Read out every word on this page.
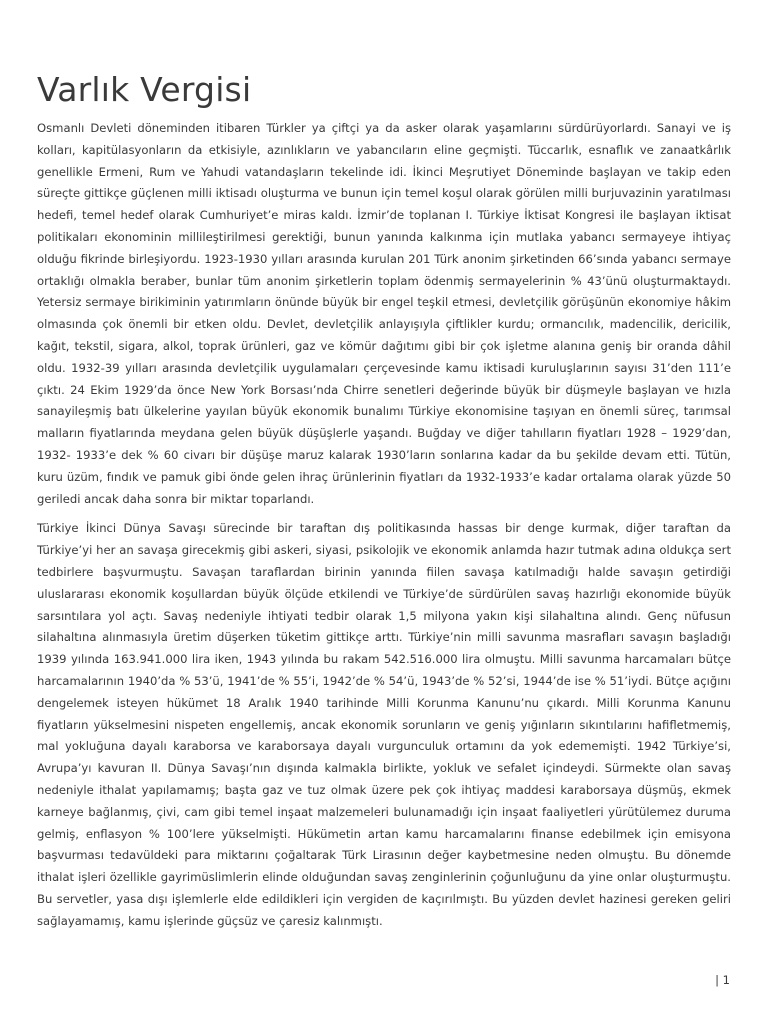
Varlık Vergisi

Osmanlı Devleti döneminden itibaren Türkler ya çiftçi ya da asker olarak yaşamlarını sürdürüyorlardı. Sanayi ve iş kolları, kapitülasyonların da etkisiyle, azınlıkların ve yabancıların eline geçmişti. Tüccarlık, esnaflık ve zanaatkârlık genellikle Ermeni, Rum ve Yahudi vatandaşların tekelinde idi. İkinci Meşrutiyet Döneminde başlayan ve takip eden süreçte gittikçe güçlenen milli iktisadı oluşturma ve bunun için temel koşul olarak görülen milli burjuvazinin yaratılması hedefi, temel hedef olarak Cumhuriyet’e miras kaldı. İzmir’de toplanan I. Türkiye İktisat Kongresi ile başlayan iktisat politikaları ekonominin millileştirilmesi gerektiği, bunun yanında kalkınma için mutlaka yabancı sermayeye ihtiyaç olduğu fikrinde birleşiyordu. 1923-1930 yılları arasında kurulan 201 Türk anonim şirketinden 66’sında yabancı sermaye ortaklığı olmakla beraber, bunlar tüm anonim şirketlerin toplam ödenmiş sermayelerinin % 43’ünü oluşturmaktaydı. Yetersiz sermaye birikiminin yatırımların önünde büyük bir engel teşkil etmesi, devletçilik görüşünün ekonomiye hâkim olmasında çok önemli bir etken oldu. Devlet, devletçilik anlayışıyla çiftlikler kurdu; ormancılık, madencilik, dericilik, kağıt, tekstil, sigara, alkol, toprak ürünleri, gaz ve kömür dağıtımı gibi bir çok işletme alanına geniş bir oranda dâhil oldu. 1932-39 yılları arasında devletçilik uygulamaları çerçevesinde kamu iktisadi kuruluşlarının sayısı 31’den 111’e çıktı. 24 Ekim 1929’da önce New York Borsası’nda Chirre senetleri değerinde büyük bir düşmeyle başlayan ve hızla sanayileşmiş batı ülkelerine yayılan büyük ekonomik bunalımı Türkiye ekonomisine taşıyan en önemli süreç, tarımsal malların fiyatlarında meydana gelen büyük düşüşlerle yaşandı. Buğday ve diğer tahılların fiyatları 1928 – 1929’dan, 1932- 1933’e dek % 60 civarı bir düşüşe maruz kalarak 1930’ların sonlarına kadar da bu şekilde devam etti. Tütün, kuru üzüm, fındık ve pamuk gibi önde gelen ihraç ürünlerinin fiyatları da 1932-1933’e kadar ortalama olarak yüzde 50 geriledi ancak daha sonra bir miktar toparlandı.

Türkiye İkinci Dünya Savaşı sürecinde bir taraftan dış politikasında hassas bir denge kurmak, diğer taraftan da Türkiye’yi her an savaşa girecekmiş gibi askeri, siyasi, psikolojik ve ekonomik anlamda hazır tutmak adına oldukça sert tedbirlere başvurmuştu. Savaşan taraflardan birinin yanında fiilen savaşa katılmadığı halde savaşın getirdiği uluslararası ekonomik koşullardan büyük ölçüde etkilendi ve Türkiye’de sürdürülen savaş hazırlığı ekonomide büyük sarsıntılara yol açtı. Savaş nedeniyle ihtiyati tedbir olarak 1,5 milyona yakın kişi silahaltına alındı. Genç nüfusun silahaltına alınmasıyla üretim düşerken tüketim gittikçe arttı. Türkiye’nin milli savunma masrafları savaşın başladığı 1939 yılında 163.941.000 lira iken, 1943 yılında bu rakam 542.516.000 lira olmuştu. Milli savunma harcamaları bütçe harcamalarının 1940’da % 53’ü, 1941’de % 55’i, 1942’de % 54’ü, 1943’de % 52’si, 1944’de ise % 51’iydi. Bütçe açığını dengelemek isteyen hükümet 18 Aralık 1940 tarihinde Milli Korunma Kanunu’nu çıkardı. Milli Korunma Kanunu fiyatların yükselmesini nispeten engellemiş, ancak ekonomik sorunların ve geniş yığınların sıkıntılarını hafifletmemiş, mal yokluğuna dayalı karaborsa ve karaborsaya dayalı vurgunculuk ortamını da yok edememişti. 1942 Türkiye’si, Avrupa’yı kavuran II. Dünya Savaşı’nın dışında kalmakla birlikte, yokluk ve sefalet içindeydi. Sürmekte olan savaş nedeniyle ithalat yapılamamış; başta gaz ve tuz olmak üzere pek çok ihtiyaç maddesi karaborsaya düşmüş, ekmek karneye bağlanmış, çivi, cam gibi temel inşaat malzemeleri bulunamadığı için inşaat faaliyetleri yürütülemez duruma gelmiş, enflasyon % 100’lere yükselmişti. Hükümetin artan kamu harcamalarını finanse edebilmek için emisyona başvurması tedavüldeki para miktarını çoğaltarak Türk Lirasının değer kaybetmesine neden olmuştu. Bu dönemde ithalat işleri özellikle gayrimüslimlerin elinde olduğundan savaş zenginlerinin çoğunluğunu da yine onlar oluşturmuştu. Bu servetler, yasa dışı işlemlerle elde edildikleri için vergiden de kaçırılmıştı. Bu yüzden devlet hazinesi gereken geliri sağlayamamış, kamu işlerinde güçsüz ve çaresiz kalınmıştı.

| 1
